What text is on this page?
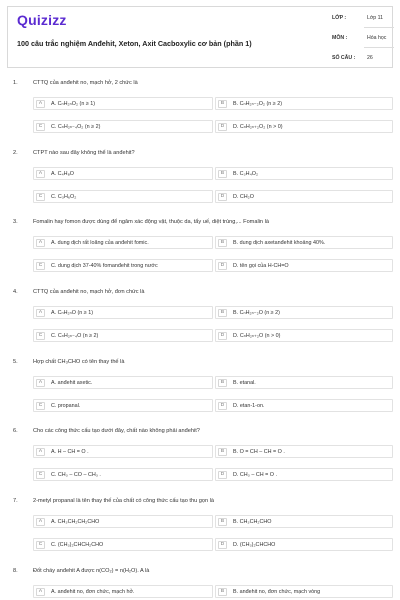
Quizizz
100 câu trắc nghiệm Anđehit, Xeton, Axit Cacboxylic cơ bản (phần 1)
LỚP :	Lớp 11
MÔN :	Hóa học
SỐ CÂU : 26
1.	CTTQ của anđehit no, mạch hở, 2 chức là
A	A. CₙH₂ₙO₂ (n ≥ 1)	B	B. CₙH₂ₙ₋₂O₂ (n ≥ 2)
C	C. CₙH₂ₙ₋₄O₂ (n ≥ 2)	D	D. CₙH₂ₙ₊₂O₂ (n > 0)
2.	CTPT nào sau đây không thể là anđehit?
A	A. C₄H₈O	B	B. C₃H₄O₂
C	C. C₃H₆O₂	D	D. CH₂O
3.	Fomalin hay fomon được dùng để ngâm xác động vật, thuộc da, tẩy uế, diệt trùng,... Fomalin là
A	A. dung dịch rất loãng của anđehit fomic.	B	B. dung dịch axetanđehit khoảng 40%.
C	C. dung dịch 37-40% fomanđehit trong nước	D	D. tên gọi của H-CH=O
4.	CTTQ của anđehit no, mạch hở, đơn chức là
A	A. CₙH₂ₙO (n ≥ 1)	B	B. CₙH₂ₙ₋₂O (n ≥ 2)
C	C. CₙH₂ₙ₋₄O (n ≥ 2)	D	D. CₙH₂ₙ₊₂O (n > 0)
5.	Hợp chất CH₃CHO có tên thay thế là
A	A. anđehit axetic.	B	B. etanal.
C	C. propanal.	D	D. etan-1-on.
6.	Cho các công thức cấu tạo dưới đây, chất nào không phải anđehit?
A	A. H – CH = O .	B	B. O = CH – CH = O .
C	C. CH₃ – CO – CH₃ .	D	D. CH₃ – CH = O .
7.	2-metyl propanal là tên thay thế của chất có công thức cấu tạo thu gọn là
A	A. CH₃CH₂CH₂CHO	B	B. CH₃CH₂CHO
C	C. (CH₃)₂CHCH₂CHO	D	D. (CH₃)₂CHCHO
8.	Đốt cháy anđehit A được n(CO₂) = n(H₂O). A là
A	A. anđehit no, đơn chức, mạch hở.	B	B. anđehit no, đơn chức, mạch vòng
